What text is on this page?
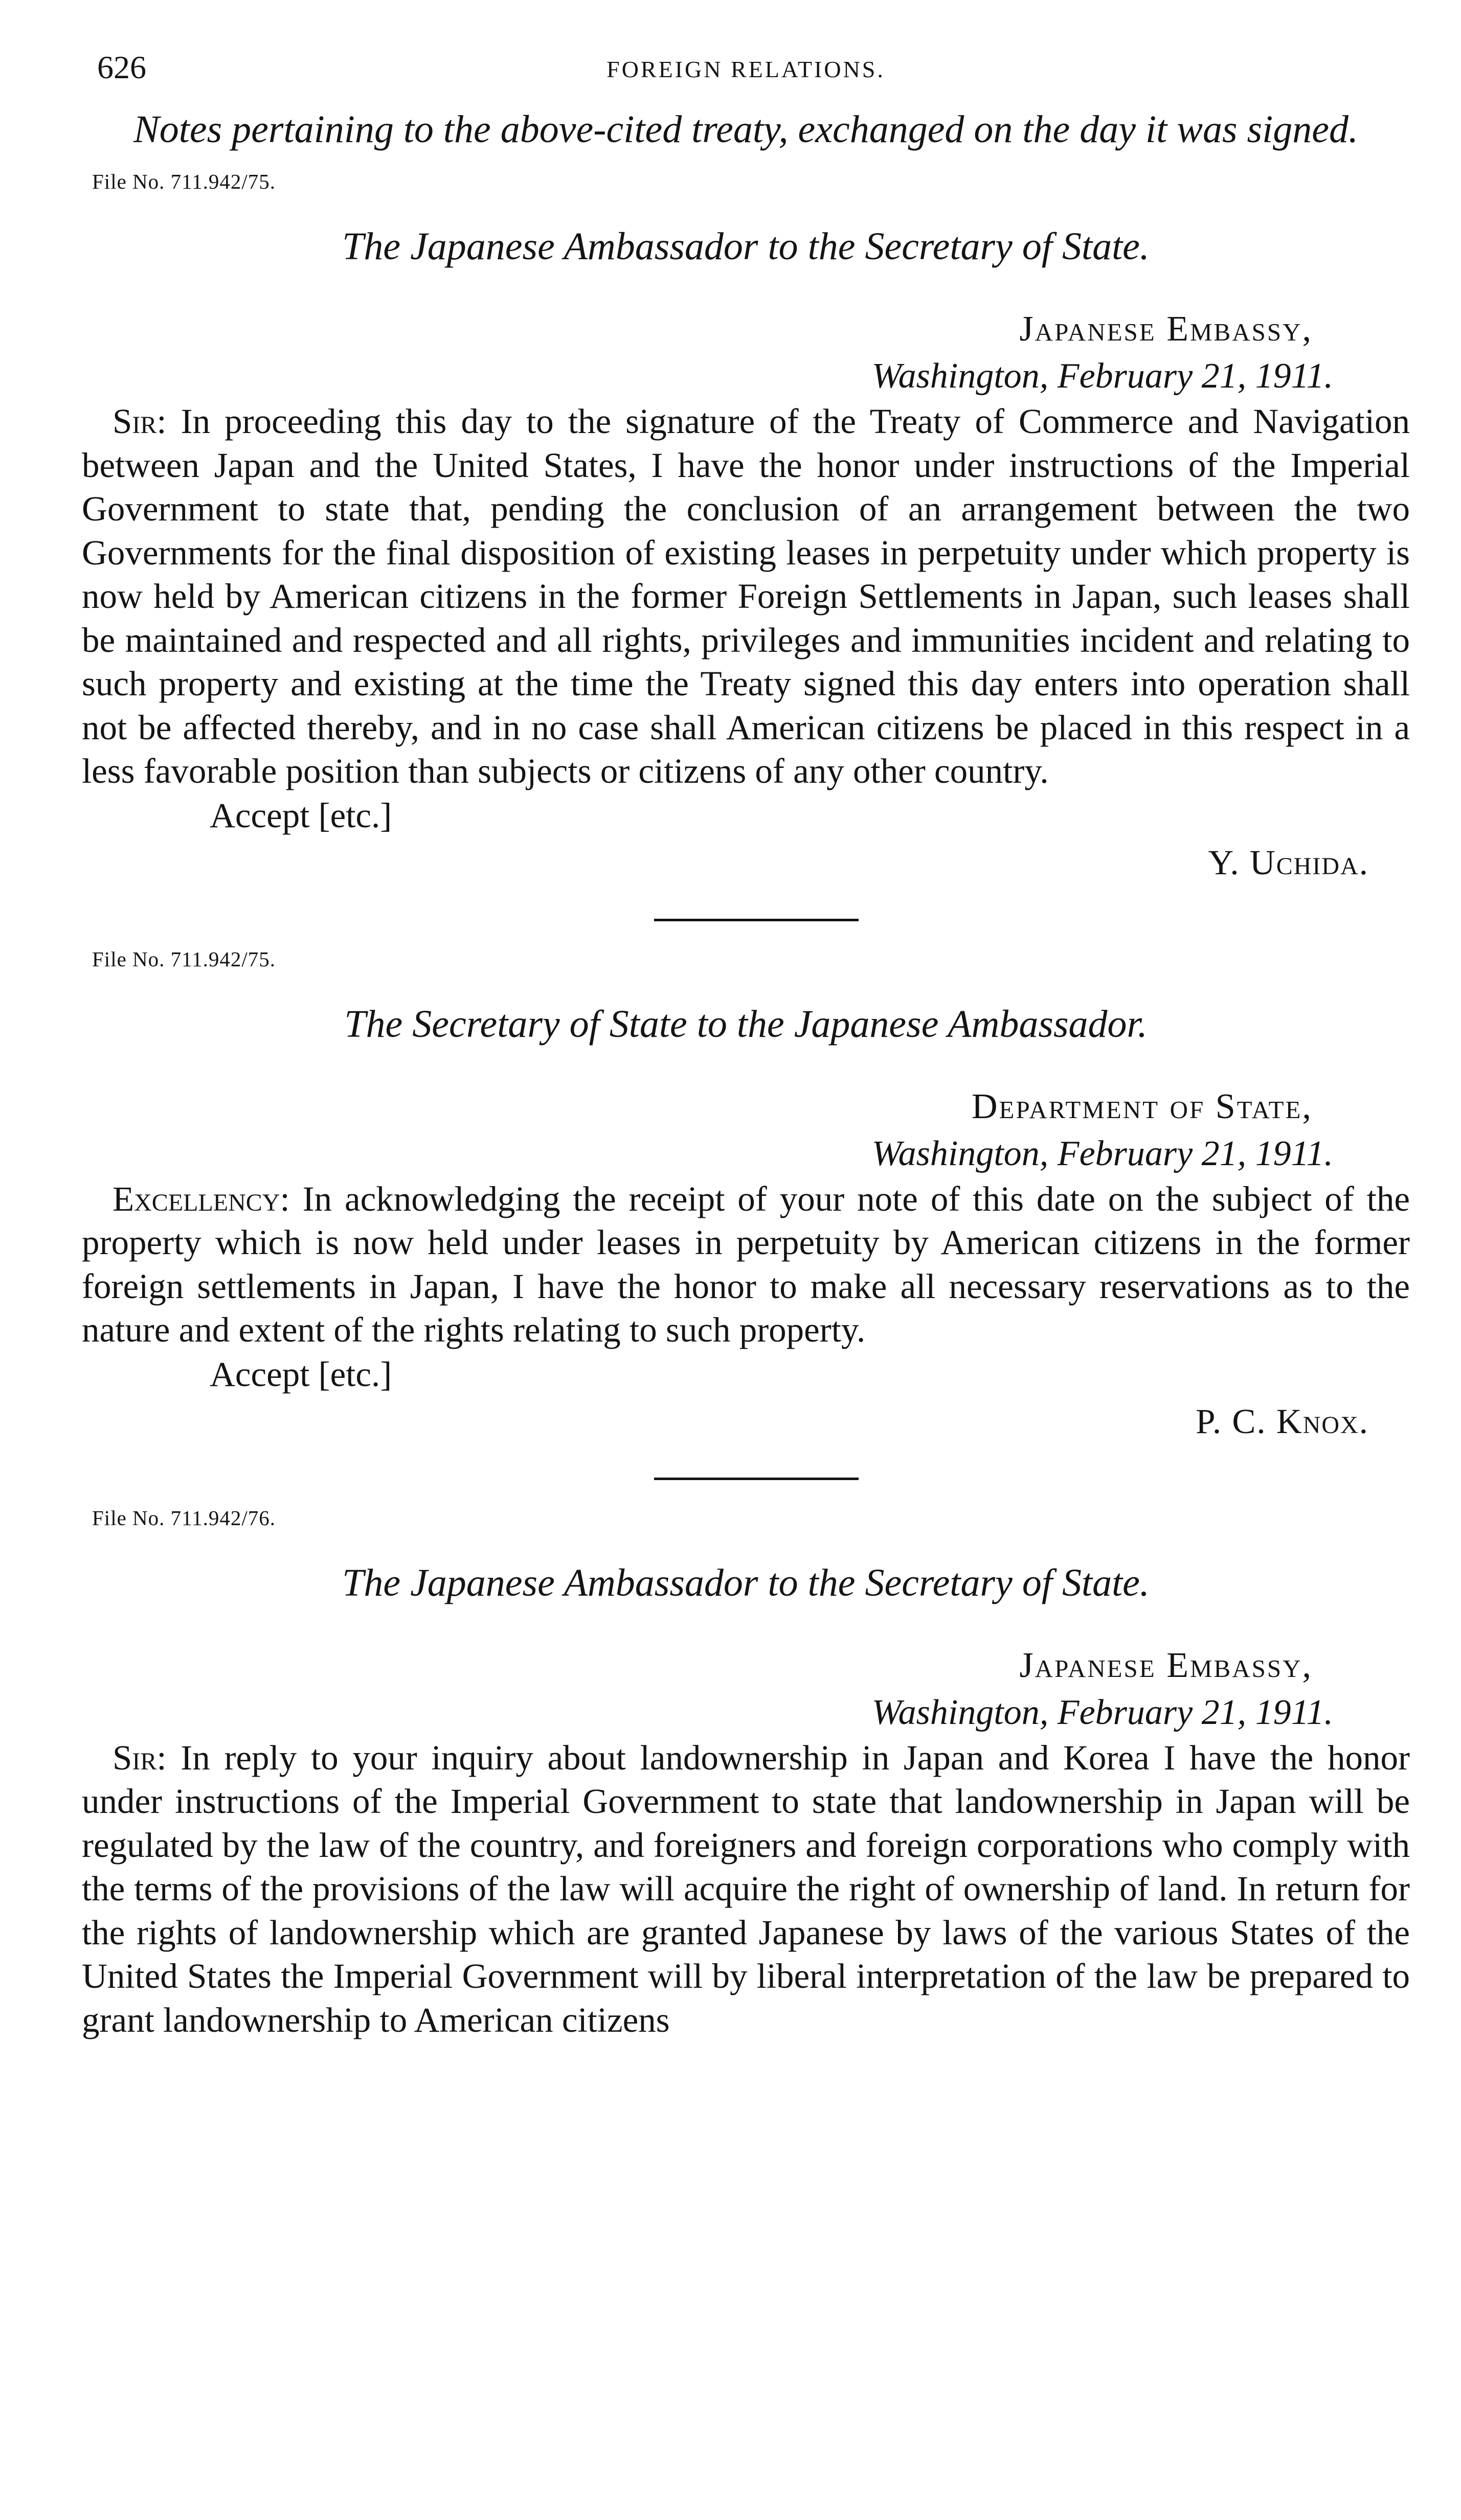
626	FOREIGN RELATIONS.

Notes pertaining to the above-cited treaty, exchanged on the day it was signed.

File No. 711.942/75.
The Japanese Ambassador to the Secretary of State.
Japanese Embassy,
Washington, February 21, 1911.

Sir: In proceeding this day to the signature of the Treaty of Commerce and Navigation between Japan and the United States, I have the honor under instructions of the Imperial Government to state that, pending the conclusion of an arrangement between the two Governments for the final disposition of existing leases in perpetuity under which property is now held by American citizens in the former Foreign Settlements in Japan, such leases shall be maintained and respected and all rights, privileges and immunities incident and relating to such property and existing at the time the Treaty signed this day enters into operation shall not be affected thereby, and in no case shall American citizens be placed in this respect in a less favorable position than subjects or citizens of any other country.

Accept [etc.]
Y. Uchida.
File No. 711.942/75.
The Secretary of State to the Japanese Ambassador.
Department of State,
Washington, February 21, 1911.

Excellency: In acknowledging the receipt of your note of this date on the subject of the property which is now held under leases in perpetuity by American citizens in the former foreign settlements in Japan, I have the honor to make all necessary reservations as to the nature and extent of the rights relating to such property.

Accept [etc.]
P. C. Knox.
File No. 711.942/76.
The Japanese Ambassador to the Secretary of State.
Japanese Embassy,
Washington, February 21, 1911.

Sir: In reply to your inquiry about landownership in Japan and Korea I have the honor under instructions of the Imperial Government to state that landownership in Japan will be regulated by the law of the country, and foreigners and foreign corporations who comply with the terms of the provisions of the law will acquire the right of ownership of land. In return for the rights of landownership which are granted Japanese by laws of the various States of the United States the Imperial Government will by liberal interpretation of the law be prepared to grant landownership to American citizens
